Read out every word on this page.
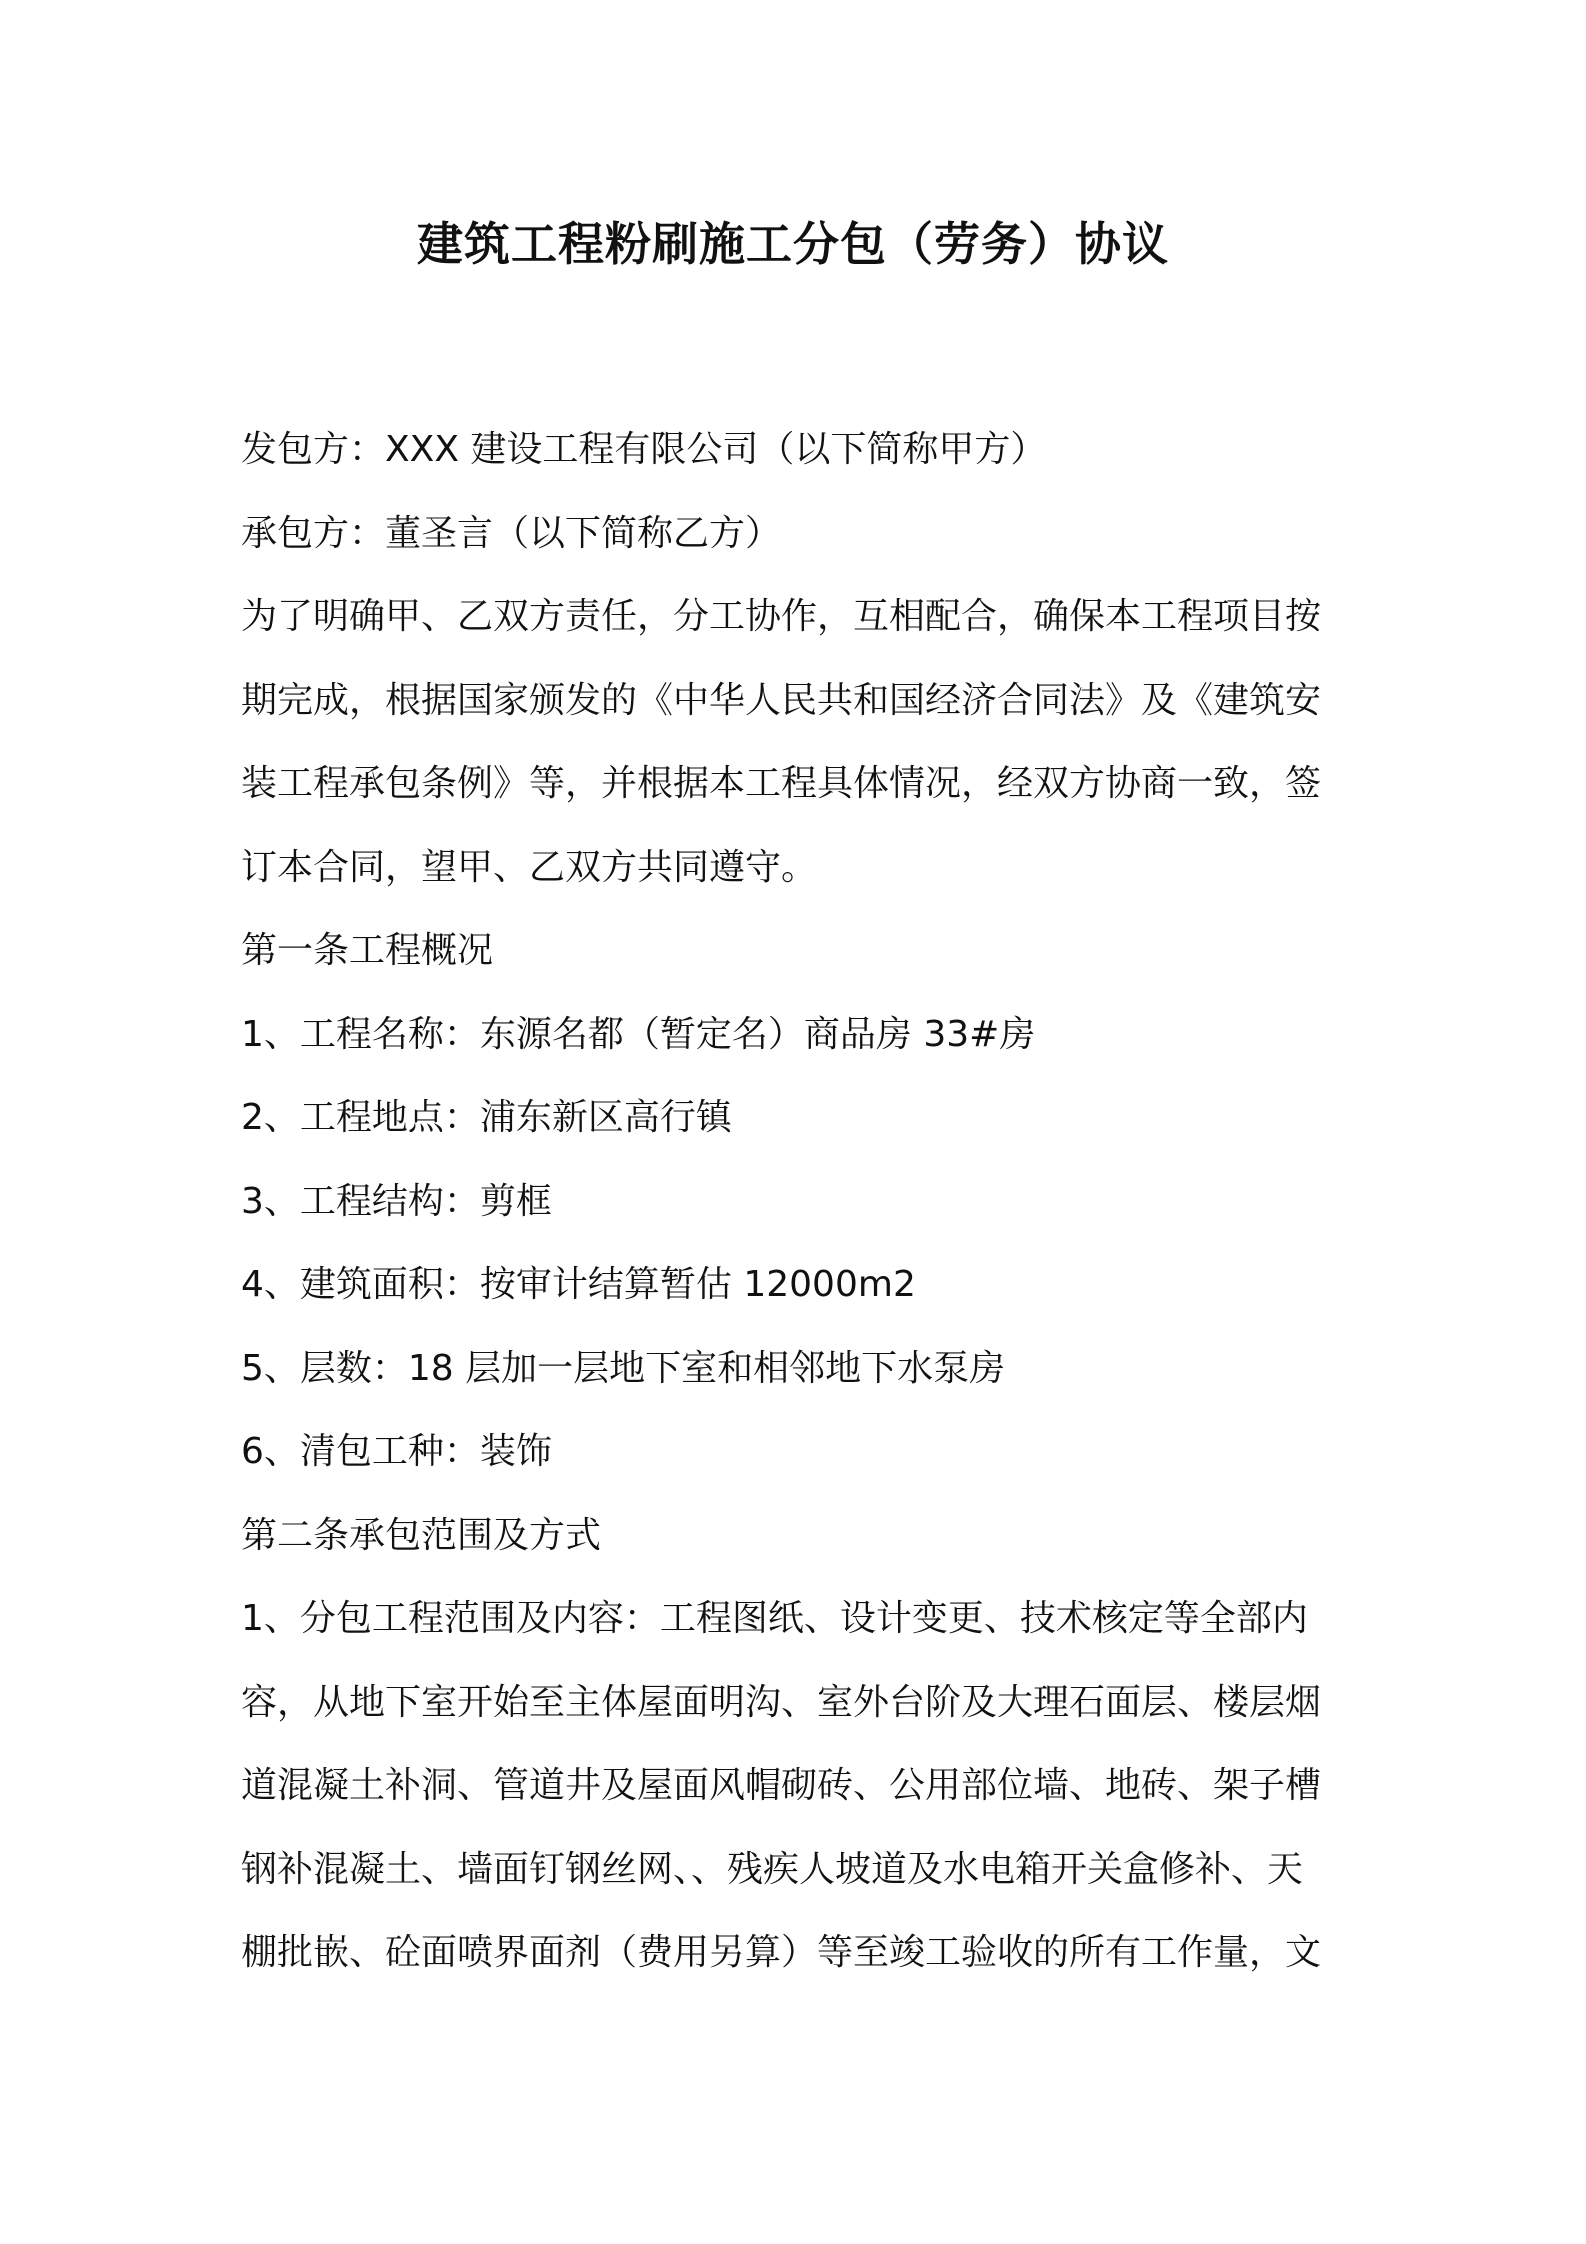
建筑工程粉刷施工分包（劳务）协议
发包方：XXX 建设工程有限公司（以下简称甲方）
承包方：董圣言（以下简称乙方）
为了明确甲、乙双方责任，分工协作，互相配合，确保本工程项目按
期完成，根据国家颁发的《中华人民共和国经济合同法》及《建筑安
装工程承包条例》等，并根据本工程具体情况，经双方协商一致，签
订本合同，望甲、乙双方共同遵守。
第一条工程概况
1、工程名称：东源名都（暂定名）商品房 33#房
2、工程地点：浦东新区高行镇
3、工程结构：剪框
4、建筑面积：按审计结算暂估 12000m2
5、层数：18 层加一层地下室和相邻地下水泵房
6、清包工种：装饰
第二条承包范围及方式
1、分包工程范围及内容：工程图纸、设计变更、技术核定等全部内
容，从地下室开始至主体屋面明沟、室外台阶及大理石面层、楼层烟
道混凝土补洞、管道井及屋面风帽砌砖、公用部位墙、地砖、架子槽
钢补混凝土、墙面钉钢丝网、、残疾人坡道及水电箱开关盒修补、天
棚批嵌、砼面喷界面剂（费用另算）等至竣工验收的所有工作量，文
